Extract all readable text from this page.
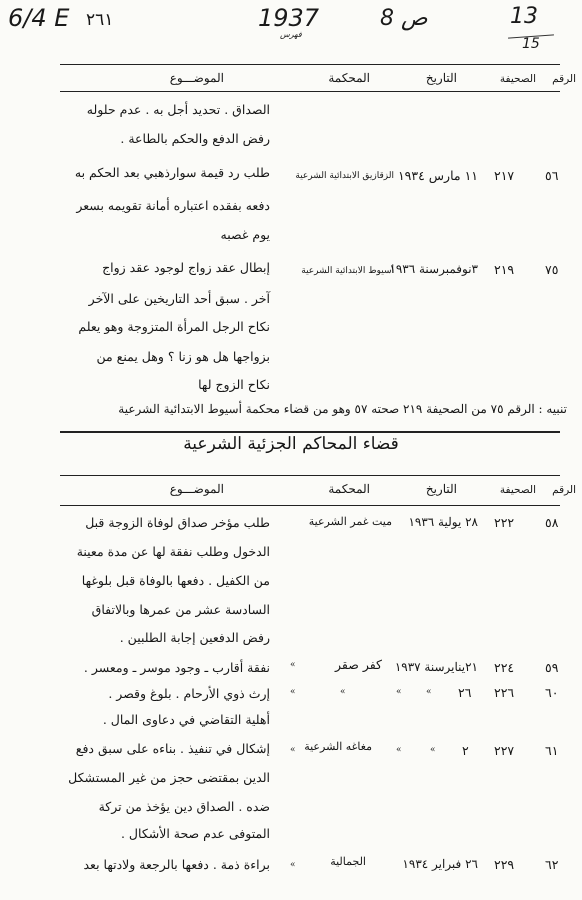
6/4 E ٢٦١	1937
فهرس
ص 8	13
15
الرقم
الصحيفة
التاريخ
المحكمة
الموضـــوع
الصداق . تحديد أجل به . عدم حلوله
رفض الدفع والحكم بالطاعة .
٥٦
٢١٧
١١ مارس ١٩٣٤
الزقازيق الابتدائية الشرعية
طلب رد قيمة سوارذهبي بعد الحكم به
دفعه بفقده اعتباره أمانة تقويمه بسعر
يوم غصبه
٧٥
٢١٩
٣نوفمبرسنة ١٩٣٦
أسيوط الابتدائية الشرعية
إبطال عقد زواج لوجود عقد زواج
آخر . سبق أحد التاريخين على الآخر
نكاح الرجل المرأة المتزوجة وهو يعلم
بزواجها هل هو زنا ؟ وهل يمنع من
نكاح الزوج لها
تنبيه : الرقم ٧٥ من الصحيفة ٢١٩ صحته ٥٧ وهو من قضاء محكمة أسيوط الابتدائية الشرعية
قضاء المحاكم الجزئية الشرعية
الرقم
الصحيفة
التاريخ
المحكمة
الموضـــوع
٥٨
٢٢٢
٢٨ يولية ١٩٣٦
ميت غمر الشرعية
طلب مؤخر صداق لوفاة الزوجة قبل
الدخول وطلب نفقة لها عن مدة معينة
من الكفيل . دفعها بالوفاة قبل بلوغها
السادسة عشر من عمرها وبالاتفاق
رفض الدفعين إجابة الطلبين .
٥٩
٢٢٤
٢١ينايرسنة ١٩٣٧
كفر صقر
«
نفقة أقارب ـ وجود موسر ـ ومعسر .
٦٠
٢٢٦
٢٦
«
«
«
«
إرث ذوي الأرحام . بلوغ وقصر .
أهلية التقاضي في دعاوى المال .
٦١
٢٢٧
٢
«
«
مغاغه الشرعية
«
إشكال في تنفيذ . بناءه على سبق دفع
الدين بمقتضى حجز من غير المستشكل
ضده . الصداق دين يؤخذ من تركة
المتوفى عدم صحة الأشكال .
٦٢
٢٢٩
٢٦ فبراير ١٩٣٤
الجمالية
«
براءة ذمة . دفعها بالرجعة ولادتها بعد
